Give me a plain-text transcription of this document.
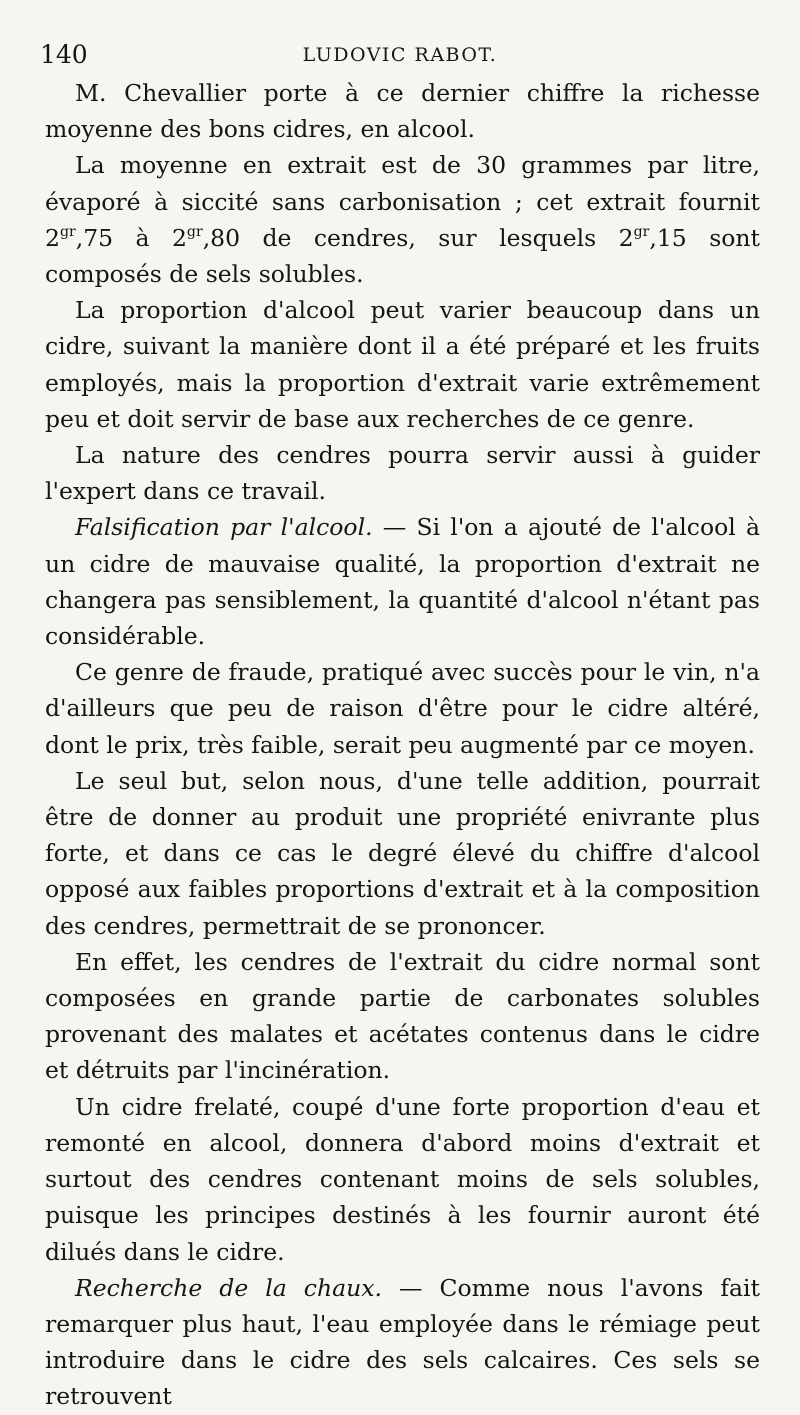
140	LUDOVIC RABOT.

M. Chevallier porte à ce dernier chiffre la richesse moyenne des bons cidres, en alcool.

La moyenne en extrait est de 30 grammes par litre, évaporé à siccité sans carbonisation ; cet extrait fournit $2^{gr},75$ à $2^{gr},80$ de cendres, sur lesquels $2^{gr},15$ sont composés de sels solubles.

La proportion d'alcool peut varier beaucoup dans un cidre, suivant la manière dont il a été préparé et les fruits employés, mais la proportion d'extrait varie extrêmement peu et doit servir de base aux recherches de ce genre.

La nature des cendres pourra servir aussi à guider l'expert dans ce travail.

Falsification par l'alcool. — Si l'on a ajouté de l'alcool à un cidre de mauvaise qualité, la proportion d'extrait ne changera pas sensiblement, la quantité d'alcool n'étant pas considérable.

Ce genre de fraude, pratiqué avec succès pour le vin, n'a d'ailleurs que peu de raison d'être pour le cidre altéré, dont le prix, très faible, serait peu augmenté par ce moyen.

Le seul but, selon nous, d'une telle addition, pourrait être de donner au produit une propriété enivrante plus forte, et dans ce cas le degré élevé du chiffre d'alcool opposé aux faibles proportions d'extrait et à la composition des cendres, permettrait de se prononcer.

En effet, les cendres de l'extrait du cidre normal sont composées en grande partie de carbonates solubles provenant des malates et acétates contenus dans le cidre et détruits par l'incinération.

Un cidre frelaté, coupé d'une forte proportion d'eau et remonté en alcool, donnera d'abord moins d'extrait et surtout des cendres contenant moins de sels solubles, puisque les principes destinés à les fournir auront été dilués dans le cidre.

Recherche de la chaux. — Comme nous l'avons fait remarquer plus haut, l'eau employée dans le rémiage peut introduire dans le cidre des sels calcaires. Ces sels se retrouvent
